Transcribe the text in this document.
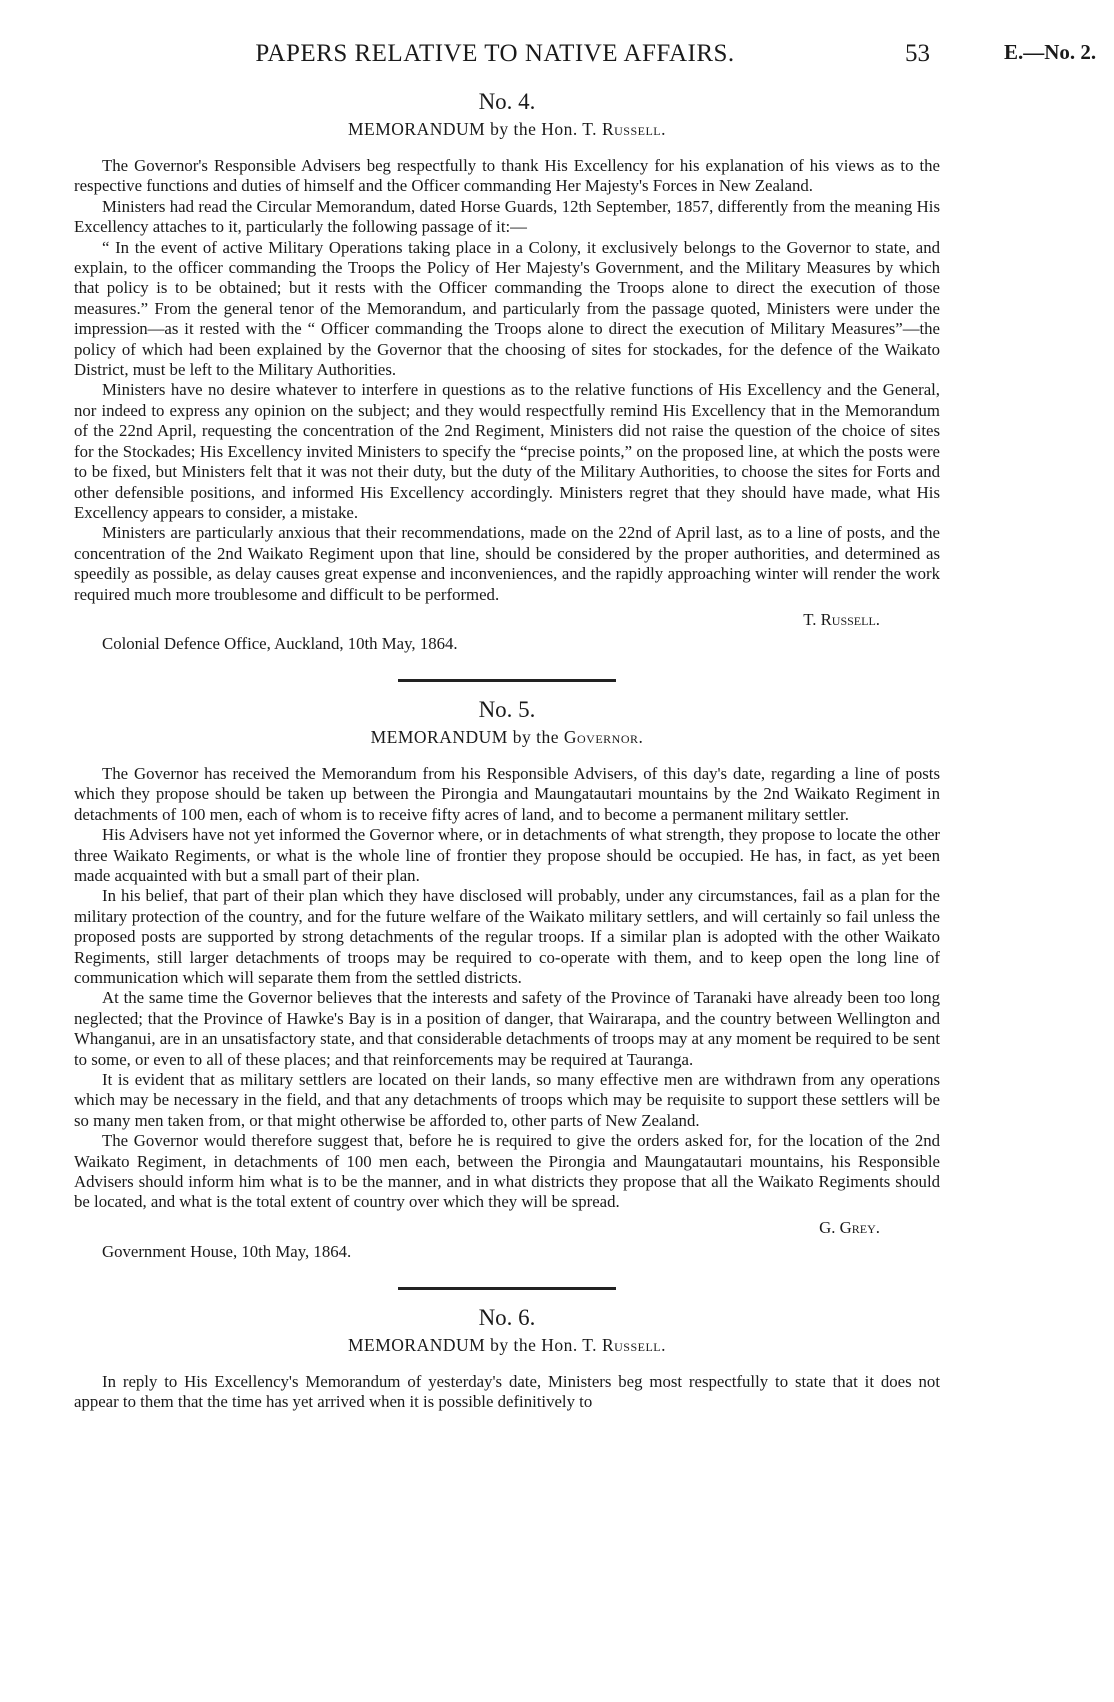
PAPERS RELATIVE TO NATIVE AFFAIRS.	53	E.—No. 2.

No. 4.

MEMORANDUM by the Hon. T. Russell.

The Governor's Responsible Advisers beg respectfully to thank His Excellency for his explanation of his views as to the respective functions and duties of himself and the Officer commanding Her Majesty's Forces in New Zealand.

Ministers had read the Circular Memorandum, dated Horse Guards, 12th September, 1857, differently from the meaning His Excellency attaches to it, particularly the following passage of it:—

“ In the event of active Military Operations taking place in a Colony, it exclusively belongs to the Governor to state, and explain, to the officer commanding the Troops the Policy of Her Majesty's Government, and the Military Measures by which that policy is to be obtained; but it rests with the Officer commanding the Troops alone to direct the execution of those measures.” From the general tenor of the Memorandum, and particularly from the passage quoted, Ministers were under the impression—as it rested with the “ Officer commanding the Troops alone to direct the execution of Military Measures”—the policy of which had been explained by the Governor that the choosing of sites for stockades, for the defence of the Waikato District, must be left to the Military Authorities.

Ministers have no desire whatever to interfere in questions as to the relative functions of His Excellency and the General, nor indeed to express any opinion on the subject; and they would respectfully remind His Excellency that in the Memorandum of the 22nd April, requesting the concentration of the 2nd Regiment, Ministers did not raise the question of the choice of sites for the Stockades; His Excellency invited Ministers to specify the “precise points,” on the proposed line, at which the posts were to be fixed, but Ministers felt that it was not their duty, but the duty of the Military Authorities, to choose the sites for Forts and other defensible positions, and informed His Excellency accordingly. Ministers regret that they should have made, what His Excellency appears to consider, a mistake.

Ministers are particularly anxious that their recommendations, made on the 22nd of April last, as to a line of posts, and the concentration of the 2nd Waikato Regiment upon that line, should be considered by the proper authorities, and determined as speedily as possible, as delay causes great expense and inconveniences, and the rapidly approaching winter will render the work required much more troublesome and difficult to be performed.

T. Russell.

Colonial Defence Office, Auckland, 10th May, 1864.

No. 5.

MEMORANDUM by the Governor.

The Governor has received the Memorandum from his Responsible Advisers, of this day's date, regarding a line of posts which they propose should be taken up between the Pirongia and Maungatautari mountains by the 2nd Waikato Regiment in detachments of 100 men, each of whom is to receive fifty acres of land, and to become a permanent military settler.

His Advisers have not yet informed the Governor where, or in detachments of what strength, they propose to locate the other three Waikato Regiments, or what is the whole line of frontier they propose should be occupied. He has, in fact, as yet been made acquainted with but a small part of their plan.

In his belief, that part of their plan which they have disclosed will probably, under any circumstances, fail as a plan for the military protection of the country, and for the future welfare of the Waikato military settlers, and will certainly so fail unless the proposed posts are supported by strong detachments of the regular troops. If a similar plan is adopted with the other Waikato Regiments, still larger detachments of troops may be required to co-operate with them, and to keep open the long line of communication which will separate them from the settled districts.

At the same time the Governor believes that the interests and safety of the Province of Taranaki have already been too long neglected; that the Province of Hawke's Bay is in a position of danger, that Wairarapa, and the country between Wellington and Whanganui, are in an unsatisfactory state, and that considerable detachments of troops may at any moment be required to be sent to some, or even to all of these places; and that reinforcements may be required at Tauranga.

It is evident that as military settlers are located on their lands, so many effective men are withdrawn from any operations which may be necessary in the field, and that any detachments of troops which may be requisite to support these settlers will be so many men taken from, or that might otherwise be afforded to, other parts of New Zealand.

The Governor would therefore suggest that, before he is required to give the orders asked for, for the location of the 2nd Waikato Regiment, in detachments of 100 men each, between the Pirongia and Maungatautari mountains, his Responsible Advisers should inform him what is to be the manner, and in what districts they propose that all the Waikato Regiments should be located, and what is the total extent of country over which they will be spread.

G. Grey.

Government House, 10th May, 1864.

No. 6.

MEMORANDUM by the Hon. T. Russell.

In reply to His Excellency's Memorandum of yesterday's date, Ministers beg most respectfully to state that it does not appear to them that the time has yet arrived when it is possible definitively to
